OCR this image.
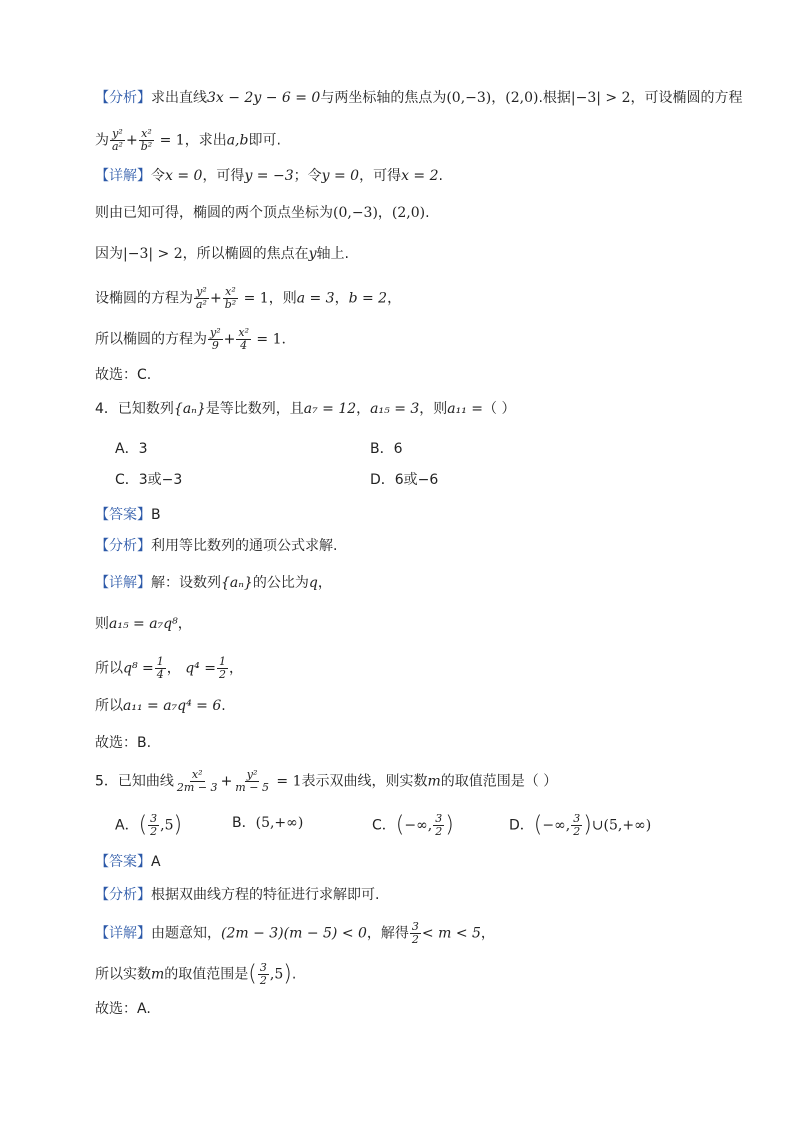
【分析】求出直线3x − 2y − 6 = 0与两坐标轴的焦点为(0,−3)，(2,0).根据|−3| > 2，可设椭圆的方程
为 $\frac{\text{y²}}{\text{a²}} + \frac{\text{x²}}{\text{b²}} = 1$，求出a,b即可.
【详解】令x = 0，可得y = −3；令y = 0，可得x = 2.
则由已知可得，椭圆的两个顶点坐标为(0,−3)，(2,0).
因为|−3| > 2，所以椭圆的焦点在y轴上.
设椭圆的方程为 $\frac{\text{y²}}{\text{a²}} + \frac{\text{x²}}{\text{b²}} = 1$，则a = 3，b = 2，
所以椭圆的方程为 $\frac{\text{y²}}{9} + \frac{\text{x²}}{4} = 1$.
故选：C.
4．已知数列{aₙ}是等比数列，且a₇ = 12，a₁₅ = 3，则a₁₁ =（ ）
A．3	B．6
C．3或−3	D．6或−6
【答案】B
【分析】利用等比数列的通项公式求解.
【详解】解：设数列{aₙ}的公比为q，
则a₁₅ = a₇q⁸，
所以$q^8 = \frac{1}{4}$ ， $q^4 = \frac{1}{2}$ ，
所以a₁₁ = a₇q⁴ = 6.
故选：B.
5．已知曲线 $\frac{\text{x²}}{2m - 3} + \frac{\text{y²}}{m - 5} = 1$表示双曲线，则实数m的取值范围是（ ）
A．( $\frac{3}{2} ,5$)	B．(5,+∞)	C．(−∞, $\frac{3}{2}$ )	D．(−∞, $\frac{3}{2}$ )∪(5,+∞)
【答案】A
【分析】根据双曲线方程的特征进行求解即可.
【详解】由题意知，(2m − 3)(m − 5) < 0，解得 $\frac{3}{2} < m < 5$，
所以实数m的取值范围是( $\frac{3}{2} ,5$).
故选：A.
